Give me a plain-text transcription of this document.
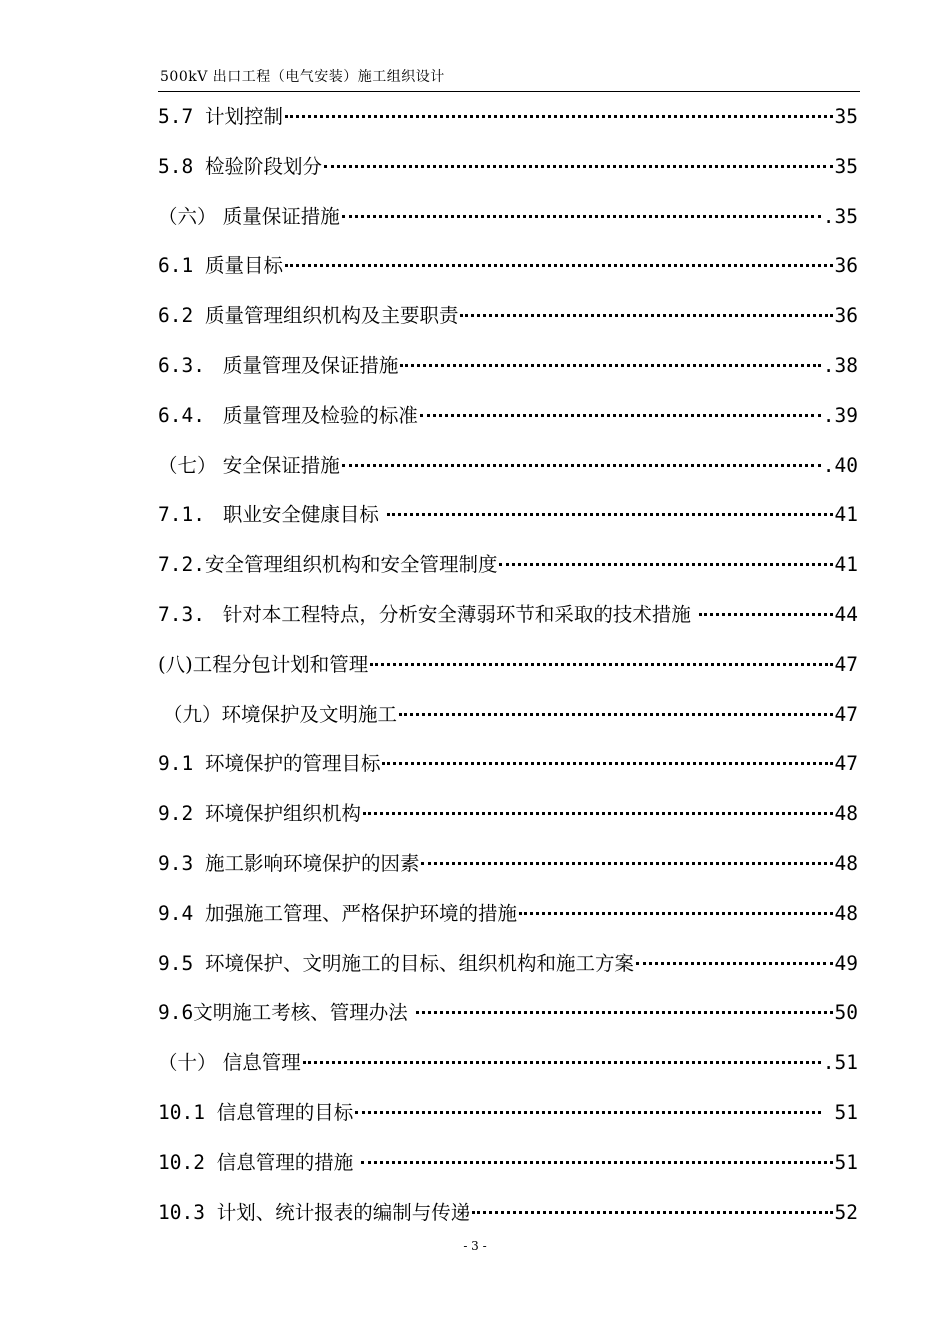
500kV 出口工程（电气安装）施工组织设计
5.7 计划控制	35
5.8 检验阶段划分	35
（六） 质量保证措施	.35
6.1 质量目标	36
6.2 质量管理组织机构及主要职责	36
6.3. 质量管理及保证措施	.38
6.4. 质量管理及检验的标准	.39
（七） 安全保证措施	.40
7.1. 职业安全健康目标	41
7.2. 安全管理组织机构和安全管理制度	41
7.3. 针对本工程特点，分析安全薄弱环节和采取的技术措施	44
(八)工程分包计划和管理	47
（九）环境保护及文明施工	47
9.1 环境保护的管理目标	47
9.2 环境保护组织机构	48
9.3 施工影响环境保护的因素	48
9.4 加强施工管理、严格保护环境的措施	48
9.5 环境保护、文明施工的目标、组织机构和施工方案	49
9.6 文明施工考核、管理办法	50
（十） 信息管理	.51
10.1 信息管理的目标	51
10.2 信息管理的措施	51
10.3 计划、统计报表的编制与传递	52
- 3 -
